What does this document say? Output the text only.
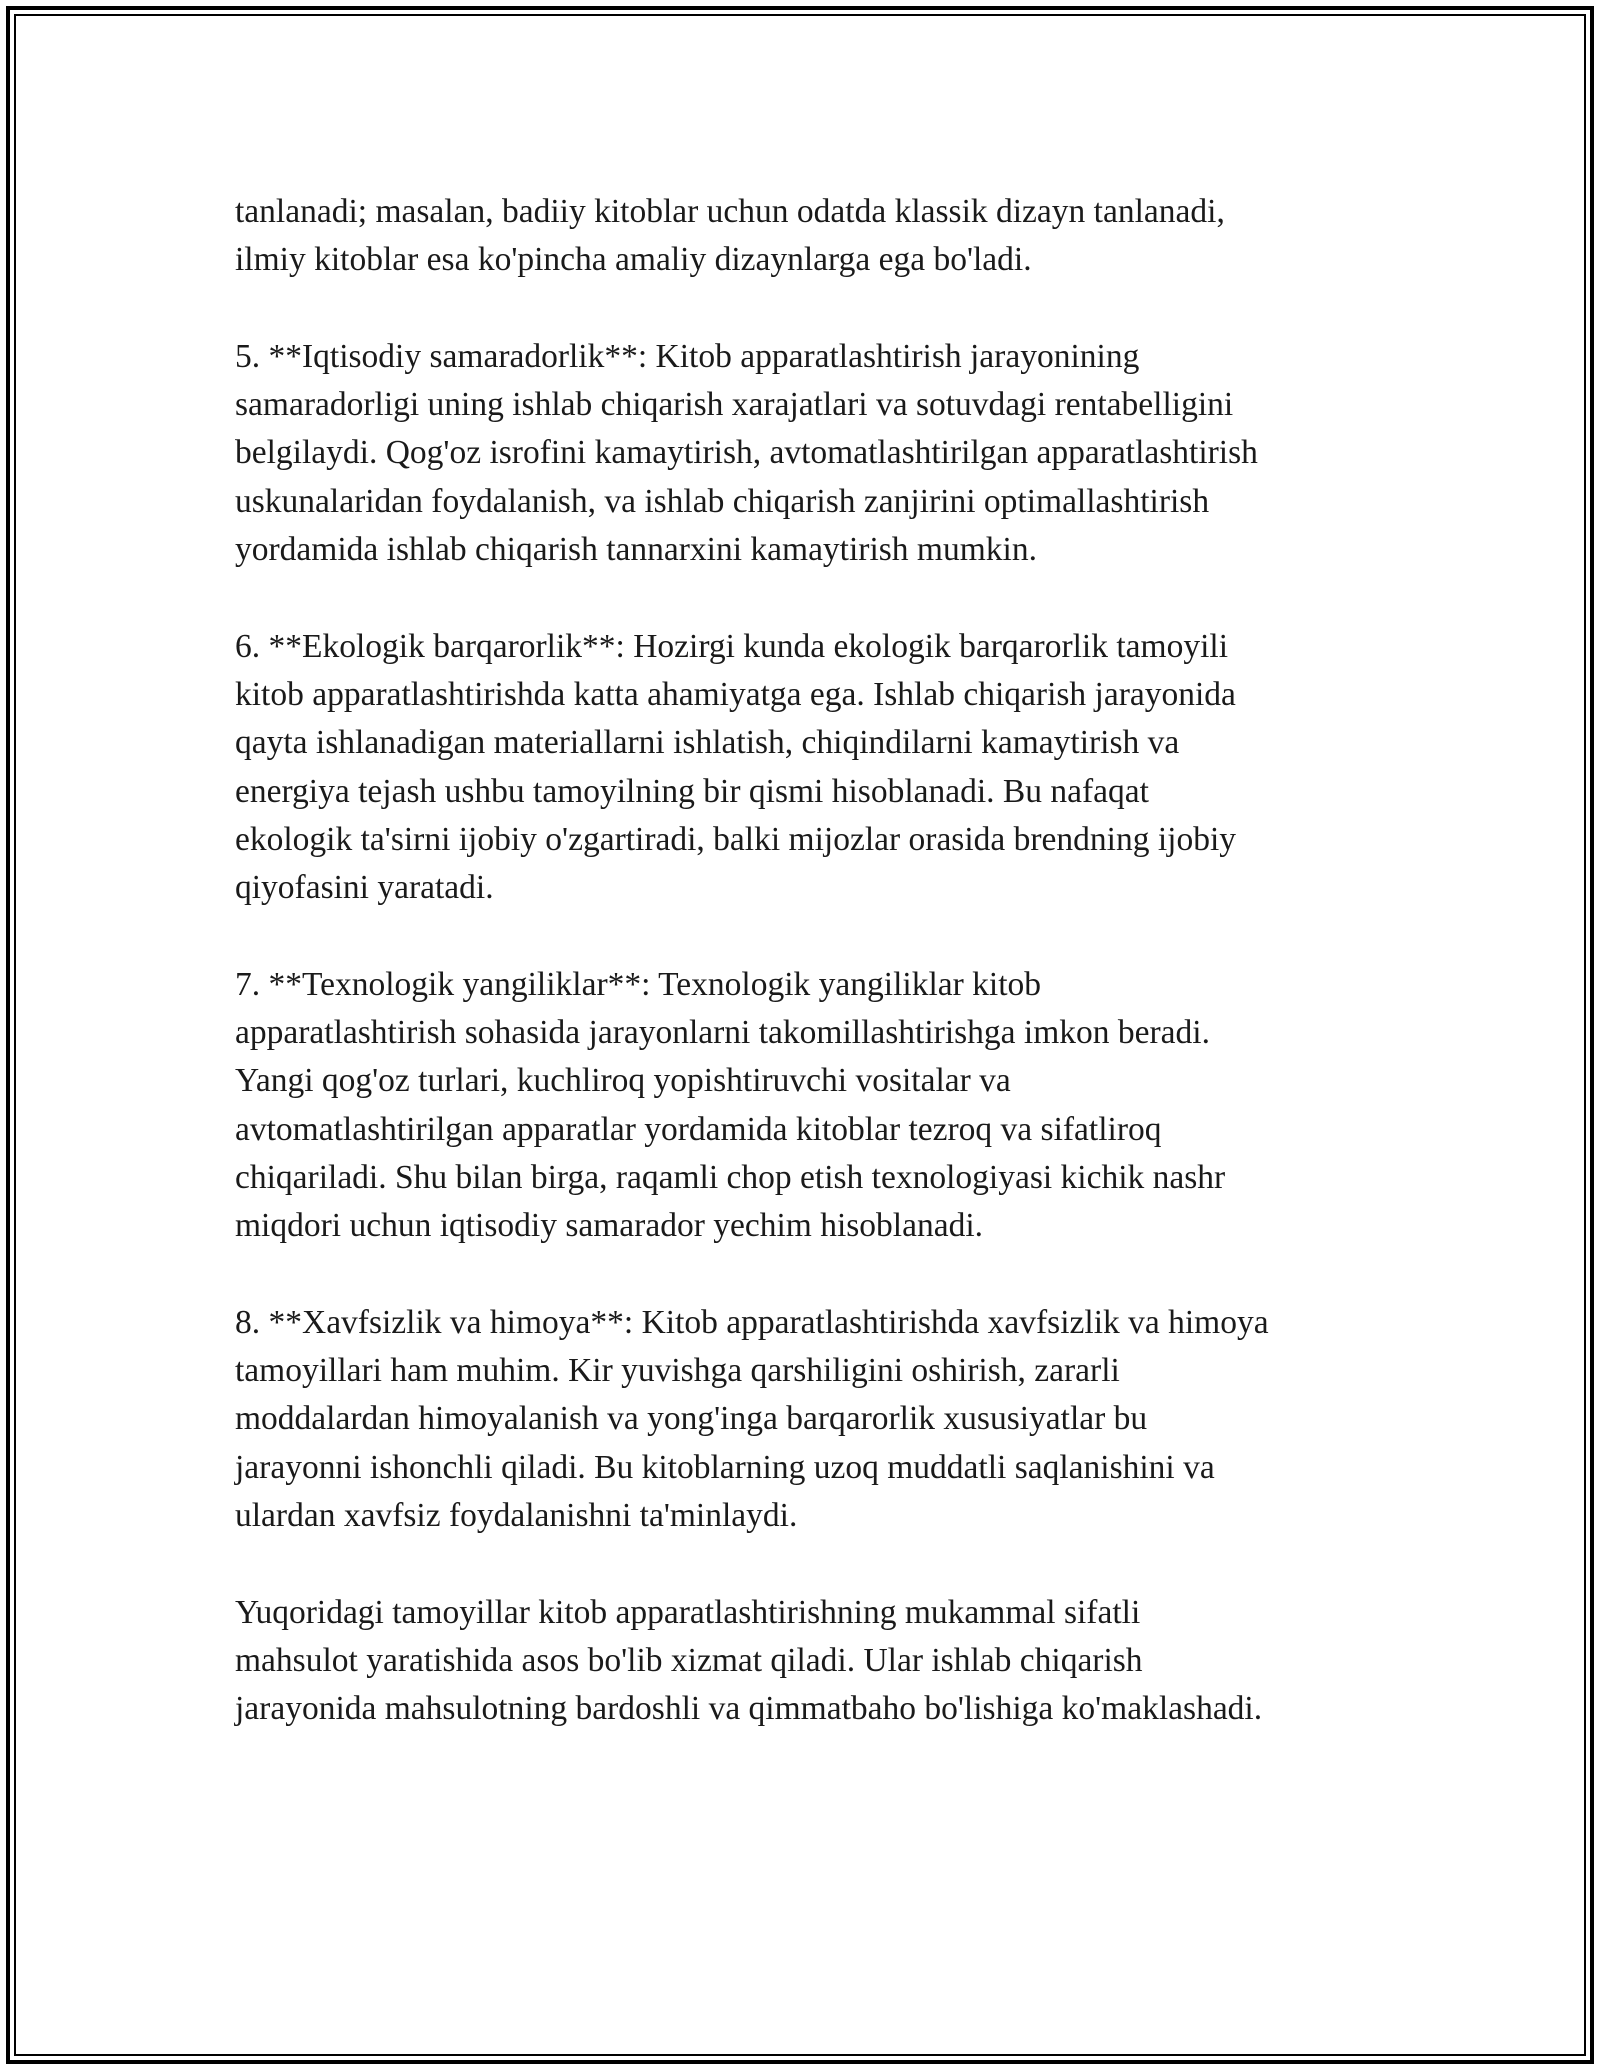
tanlanadi; masalan, badiiy kitoblar uchun odatda klassik dizayn tanlanadi,
ilmiy kitoblar esa ko'pincha amaliy dizaynlarga ega bo'ladi.
5. **Iqtisodiy samaradorlik**: Kitob apparatlashtirish jarayonining
samaradorligi uning ishlab chiqarish xarajatlari va sotuvdagi rentabelligini
belgilaydi. Qog'oz isrofini kamaytirish, avtomatlashtirilgan apparatlashtirish
uskunalaridan foydalanish, va ishlab chiqarish zanjirini optimallashtirish
yordamida ishlab chiqarish tannarxini kamaytirish mumkin.
6. **Ekologik barqarorlik**: Hozirgi kunda ekologik barqarorlik tamoyili
kitob apparatlashtirishda katta ahamiyatga ega. Ishlab chiqarish jarayonida
qayta ishlanadigan materiallarni ishlatish, chiqindilarni kamaytirish va
energiya tejash ushbu tamoyilning bir qismi hisoblanadi. Bu nafaqat
ekologik ta'sirni ijobiy o'zgartiradi, balki mijozlar orasida brendning ijobiy
qiyofasini yaratadi.
7. **Texnologik yangiliklar**: Texnologik yangiliklar kitob
apparatlashtirish sohasida jarayonlarni takomillashtirishga imkon beradi.
Yangi qog'oz turlari, kuchliroq yopishtiruvchi vositalar va
avtomatlashtirilgan apparatlar yordamida kitoblar tezroq va sifatliroq
chiqariladi. Shu bilan birga, raqamli chop etish texnologiyasi kichik nashr
miqdori uchun iqtisodiy samarador yechim hisoblanadi.
8. **Xavfsizlik va himoya**: Kitob apparatlashtirishda xavfsizlik va himoya
tamoyillari ham muhim. Kir yuvishga qarshiligini oshirish, zararli
moddalardan himoyalanish va yong'inga barqarorlik xususiyatlar bu
jarayonni ishonchli qiladi. Bu kitoblarning uzoq muddatli saqlanishini va
ulardan xavfsiz foydalanishni ta'minlaydi.
Yuqoridagi tamoyillar kitob apparatlashtirishning mukammal sifatli
mahsulot yaratishida asos bo'lib xizmat qiladi. Ular ishlab chiqarish
jarayonida mahsulotning bardoshli va qimmatbaho bo'lishiga ko'maklashadi.
